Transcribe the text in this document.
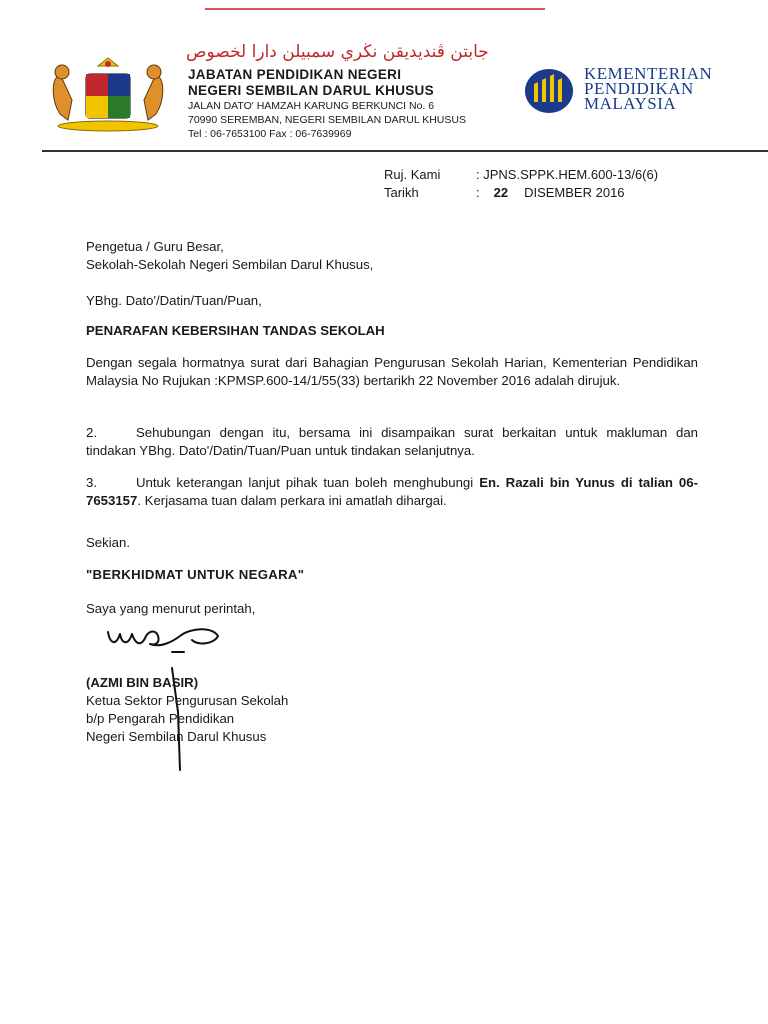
جابتن ڤنديديقن نڬري سمبيلن دارا لخصوص
JABATAN PENDIDIKAN NEGERI
NEGERI SEMBILAN DARUL KHUSUS
JALAN DATO' HAMZAH KARUNG BERKUNCI No. 6
70990 SEREMBAN, NEGERI SEMBILAN DARUL KHUSUS
Tel : 06-7653100 Fax : 06-7639969
KEMENTERIAN
PENDIDIKAN
MALAYSIA
Ruj. Kami	: JPNS.SPPK.HEM.600-13/6(6)
Tarikh	: 22 DISEMBER 2016
Pengetua / Guru Besar,
Sekolah-Sekolah Negeri Sembilan Darul Khusus,
YBhg. Dato'/Datin/Tuan/Puan,
PENARAFAN KEBERSIHAN TANDAS SEKOLAH
Dengan segala hormatnya surat dari Bahagian Pengurusan Sekolah Harian, Kementerian Pendidikan Malaysia No Rujukan :KPMSP.600-14/1/55(33) bertarikh 22 November 2016 adalah dirujuk.
2.	Sehubungan dengan itu, bersama ini disampaikan surat berkaitan untuk makluman dan tindakan YBhg. Dato'/Datin/Tuan/Puan untuk tindakan selanjutnya.
3.	Untuk keterangan lanjut pihak tuan boleh menghubungi En. Razali bin Yunus di talian 06-7653157. Kerjasama tuan dalam perkara ini amatlah dihargai.
Sekian.
"BERKHIDMAT UNTUK NEGARA"
Saya yang menurut perintah,
(AZMI BIN BASIR)
Ketua Sektor Pengurusan Sekolah
b/p Pengarah Pendidikan
Negeri Sembilan Darul Khusus
